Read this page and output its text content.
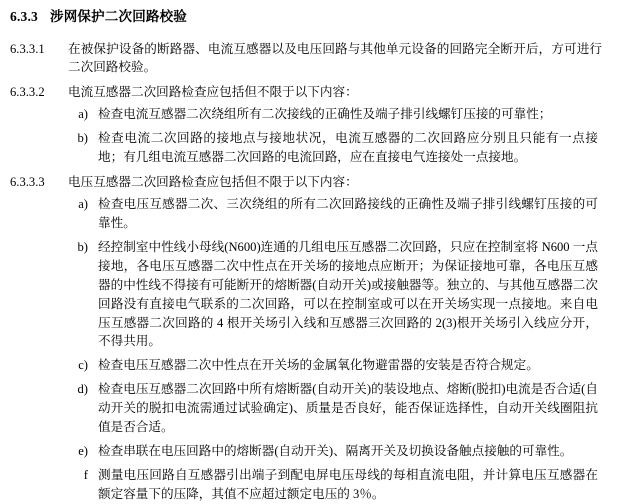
6.3.3 涉网保护二次回路校验
6.3.3.1	在被保护设备的断路器、电流互感器以及电压回路与其他单元设备的回路完全断开后，方可进行二次回路校验。
6.3.3.2	电流互感器二次回路检查应包括但不限于以下内容：
a) 检查电流互感器二次绕组所有二次接线的正确性及端子排引线螺钉压接的可靠性；
b) 检查电流二次回路的接地点与接地状况，电流互感器的二次回路应分别且只能有一点接地；有几组电流互感器二次回路的电流回路，应在直接电气连接处一点接地。
6.3.3.3	电压互感器二次回路检查应包括但不限于以下内容：
a) 检查电压互感器二次、三次绕组的所有二次回路接线的正确性及端子排引线螺钉压接的可靠性。
b) 经控制室中性线小母线(N600)连通的几组电压互感器二次回路，只应在控制室将 N600 一点接地，各电压互感器二次中性点在开关场的接地点应断开；为保证接地可靠，各电压互感器的中性线不得接有可能断开的熔断器(自动开关)或接触器等。独立的、与其他互感器二次回路没有直接电气联系的二次回路，可以在控制室或可以在开关场实现一点接地。来自电压互感器二次回路的 4 根开关场引入线和互感器三次回路的 2(3)根开关场引入线应分开，不得共用。
c) 检查电压互感器二次中性点在开关场的金属氧化物避雷器的安装是否符合规定。
d) 检查电压互感器二次回路中所有熔断器(自动开关)的装设地点、熔断(脱扣)电流是否合适(自动开关的脱扣电流需通过试验确定)、质量是否良好，能否保证选择性，自动开关线圈阻抗值是否合适。
e) 检查串联在电压回路中的熔断器(自动开关)、隔离开关及切换设备触点接触的可靠性。
f 测量电压回路自互感器引出端子到配电屏电压母线的每相直流电阻，并计算电压互感器在额定容量下的压降，其值不应超过额定电压的 3％。
